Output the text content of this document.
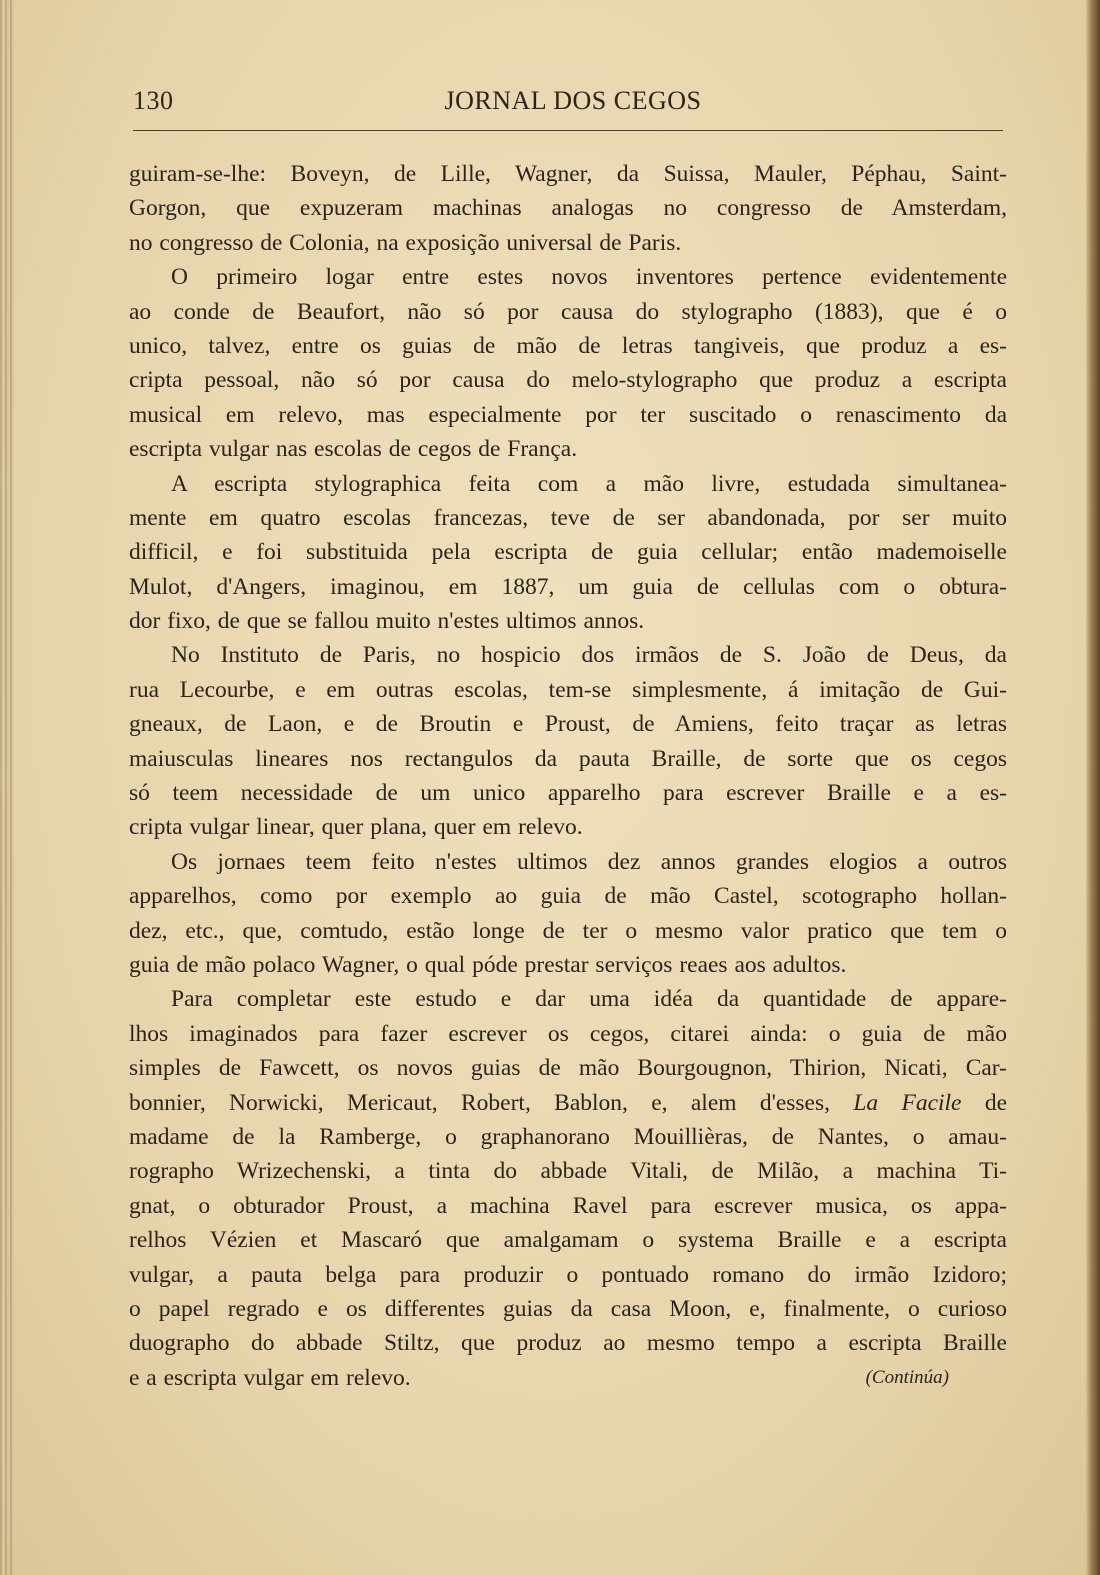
130	JORNAL DOS CEGOS
guiram-se-lhe: Boveyn, de Lille, Wagner, da Suissa, Mauler, Péphau, Saint-
Gorgon, que expuzeram machinas analogas no congresso de Amsterdam,
no congresso de Colonia, na exposição universal de Paris.
O primeiro logar entre estes novos inventores pertence evidentemente
ao conde de Beaufort, não só por causa do stylographo (1883), que é o
unico, talvez, entre os guias de mão de letras tangiveis, que produz a es-
cripta pessoal, não só por causa do melo-stylographo que produz a escripta
musical em relevo, mas especialmente por ter suscitado o renascimento da
escripta vulgar nas escolas de cegos de França.
A escripta stylographica feita com a mão livre, estudada simultanea-
mente em quatro escolas francezas, teve de ser abandonada, por ser muito
difficil, e foi substituida pela escripta de guia cellular; então mademoiselle
Mulot, d'Angers, imaginou, em 1887, um guia de cellulas com o obtura-
dor fixo, de que se fallou muito n'estes ultimos annos.
No Instituto de Paris, no hospicio dos irmãos de S. João de Deus, da
rua Lecourbe, e em outras escolas, tem-se simplesmente, á imitação de Gui-
gneaux, de Laon, e de Broutin e Proust, de Amiens, feito traçar as letras
maiusculas lineares nos rectangulos da pauta Braille, de sorte que os cegos
só teem necessidade de um unico apparelho para escrever Braille e a es-
cripta vulgar linear, quer plana, quer em relevo.
Os jornaes teem feito n'estes ultimos dez annos grandes elogios a outros
apparelhos, como por exemplo ao guia de mão Castel, scotographo hollan-
dez, etc., que, comtudo, estão longe de ter o mesmo valor pratico que tem o
guia de mão polaco Wagner, o qual póde prestar serviços reaes aos adultos.
Para completar este estudo e dar uma idéa da quantidade de appare-
lhos imaginados para fazer escrever os cegos, citarei ainda: o guia de mão
simples de Fawcett, os novos guias de mão Bourgougnon, Thirion, Nicati, Car-
bonnier, Norwicki, Mericaut, Robert, Bablon, e, alem d'esses, La Facile de
madame de la Ramberge, o graphanorano Mouillièras, de Nantes, o amau-
rographo Wrizechenski, a tinta do abbade Vitali, de Milão, a machina Ti-
gnat, o obturador Proust, a machina Ravel para escrever musica, os appa-
relhos Vézien et Mascaró que amalgamam o systema Braille e a escripta
vulgar, a pauta belga para produzir o pontuado romano do irmão Izidoro;
o papel regrado e os differentes guias da casa Moon, e, finalmente, o curioso
duographo do abbade Stiltz, que produz ao mesmo tempo a escripta Braille
e a escripta vulgar em relevo.	(Continúa)
